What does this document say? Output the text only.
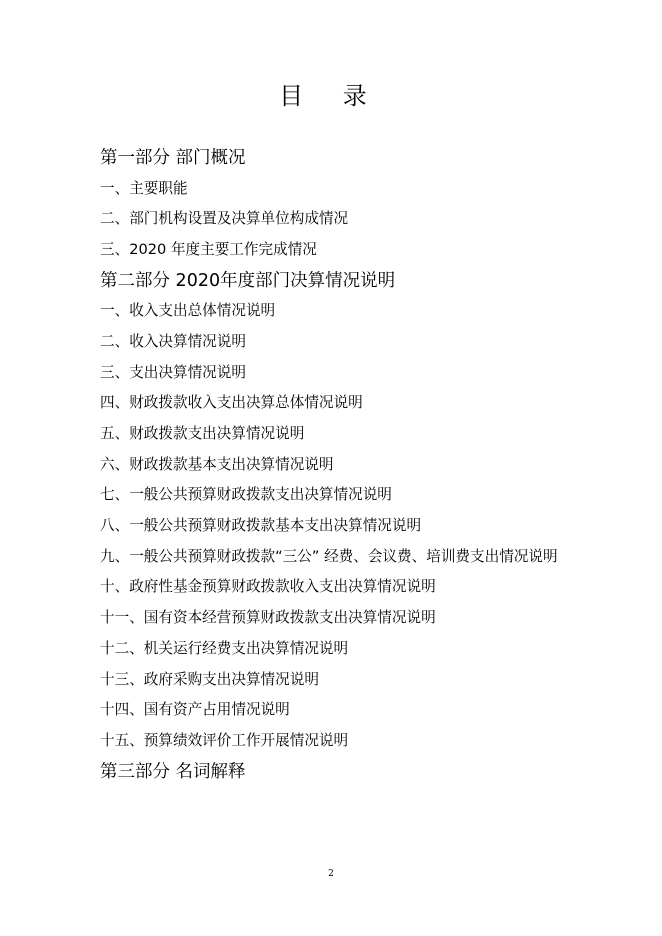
目 录
第一部分 部门概况
一、主要职能
二、部门机构设置及决算单位构成情况
三、2020 年度主要工作完成情况
第二部分 2020年度部门决算情况说明
一、收入支出总体情况说明
二、收入决算情况说明
三、支出决算情况说明
四、财政拨款收入支出决算总体情况说明
五、财政拨款支出决算情况说明
六、财政拨款基本支出决算情况说明
七、一般公共预算财政拨款支出决算情况说明
八、一般公共预算财政拨款基本支出决算情况说明
九、一般公共预算财政拨款“三公” 经费、会议费、培训费支出情况说明
十、政府性基金预算财政拨款收入支出决算情况说明
十一、国有资本经营预算财政拨款支出决算情况说明
十二、机关运行经费支出决算情况说明
十三、政府采购支出决算情况说明
十四、国有资产占用情况说明
十五、预算绩效评价工作开展情况说明
第三部分 名词解释
2
